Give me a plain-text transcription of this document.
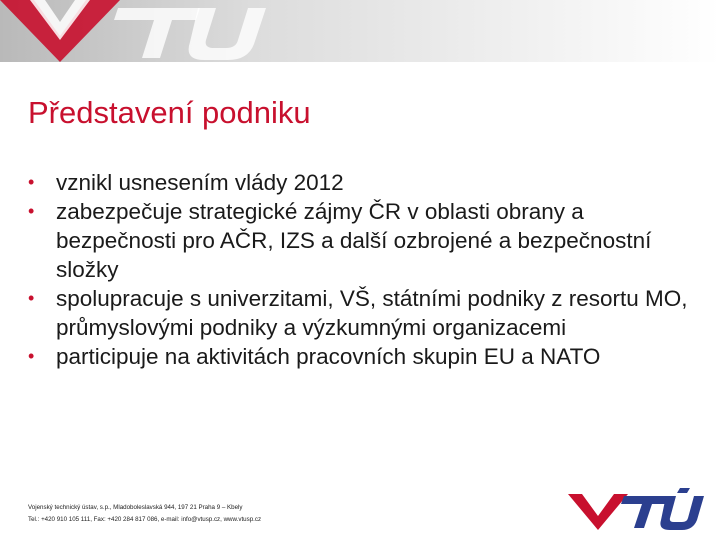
Představení podniku
• vznikl usnesením vlády 2012
• zabezpečuje strategické zájmy ČR v oblasti obrany a bezpečnosti pro AČR, IZS a další ozbrojené a bezpečnostní složky
• spolupracuje s univerzitami, VŠ, státními podniky z resortu MO, průmyslovými podniky a výzkumnými organizacemi
• participuje na aktivitách pracovních skupin EU a NATO
Vojenský technický ústav, s.p., Mladoboleslavská 944, 197 21 Praha 9 – Kbely
Tel.: +420 910 105 111, Fax: +420 284 817 086, e-mail: info@vtusp.cz, www.vtusp.cz
